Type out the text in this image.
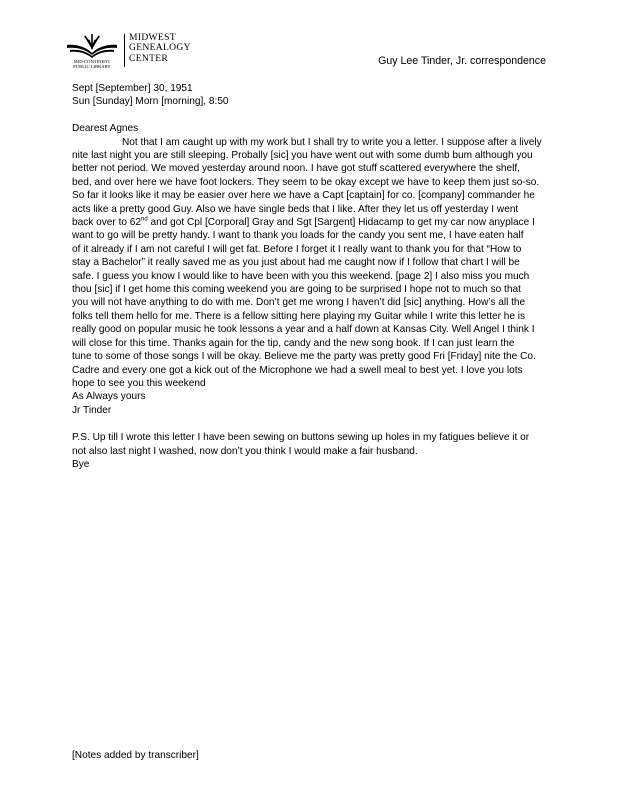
MID-CONTINENT
PUBLIC LIBRARY
MIDWEST
GENEALOGY
CENTER	Guy Lee Tinder, Jr. correspondence
Sept [September] 30, 1951
Sun [Sunday] Morn [morning], 8:50
Dearest Agnes
Not that I am caught up with my work but I shall try to write you a letter. I suppose after a lively
nite last night you are still sleeping. Probally [sic] you have went out with some dumb bum although you
better not period. We moved yesterday around noon. I have got stuff scattered everywhere the shelf,
bed, and over here we have foot lockers. They seem to be okay except we have to keep them just so-so.
So far it looks like it may be easier over here we have a Capt [captain] for co. [company] commander he
acts like a pretty good Guy. Also we have single beds that I like. After they let us off yesterday I went
back over to 62nd and got Cpl [Corporal] Gray and Sgt [Sargent] Hidacamp to get my car now anyplace I
want to go will be pretty handy. I want to thank you loads for the candy you sent me, I have eaten half
of it already if I am not careful I will get fat. Before I forget it I really want to thank you for that “How to
stay a Bachelor” it really saved me as you just about had me caught now if I follow that chart I will be
safe. I guess you know I would like to have been with you this weekend. [page 2] I also miss you much
thou [sic] if I get home this coming weekend you are going to be surprised I hope not to much so that
you will not have anything to do with me. Don’t get me wrong I haven’t did [sic] anything. How’s all the
folks tell them hello for me. There is a fellow sitting here playing my Guitar while I write this letter he is
really good on popular music he took lessons a year and a half down at Kansas City. Well Angel I think I
will close for this time. Thanks again for the tip, candy and the new song book. If I can just learn the
tune to some of those songs I will be okay. Believe me the party was pretty good Fri [Friday] nite the Co.
Cadre and every one got a kick out of the Microphone we had a swell meal to best yet. I love you lots
hope to see you this weekend
As Always yours
Jr Tinder
P.S. Up till I wrote this letter I have been sewing on buttons sewing up holes in my fatigues believe it or
not also last night I washed, now don’t you think I would make a fair husband.
Bye
[Notes added by transcriber]
